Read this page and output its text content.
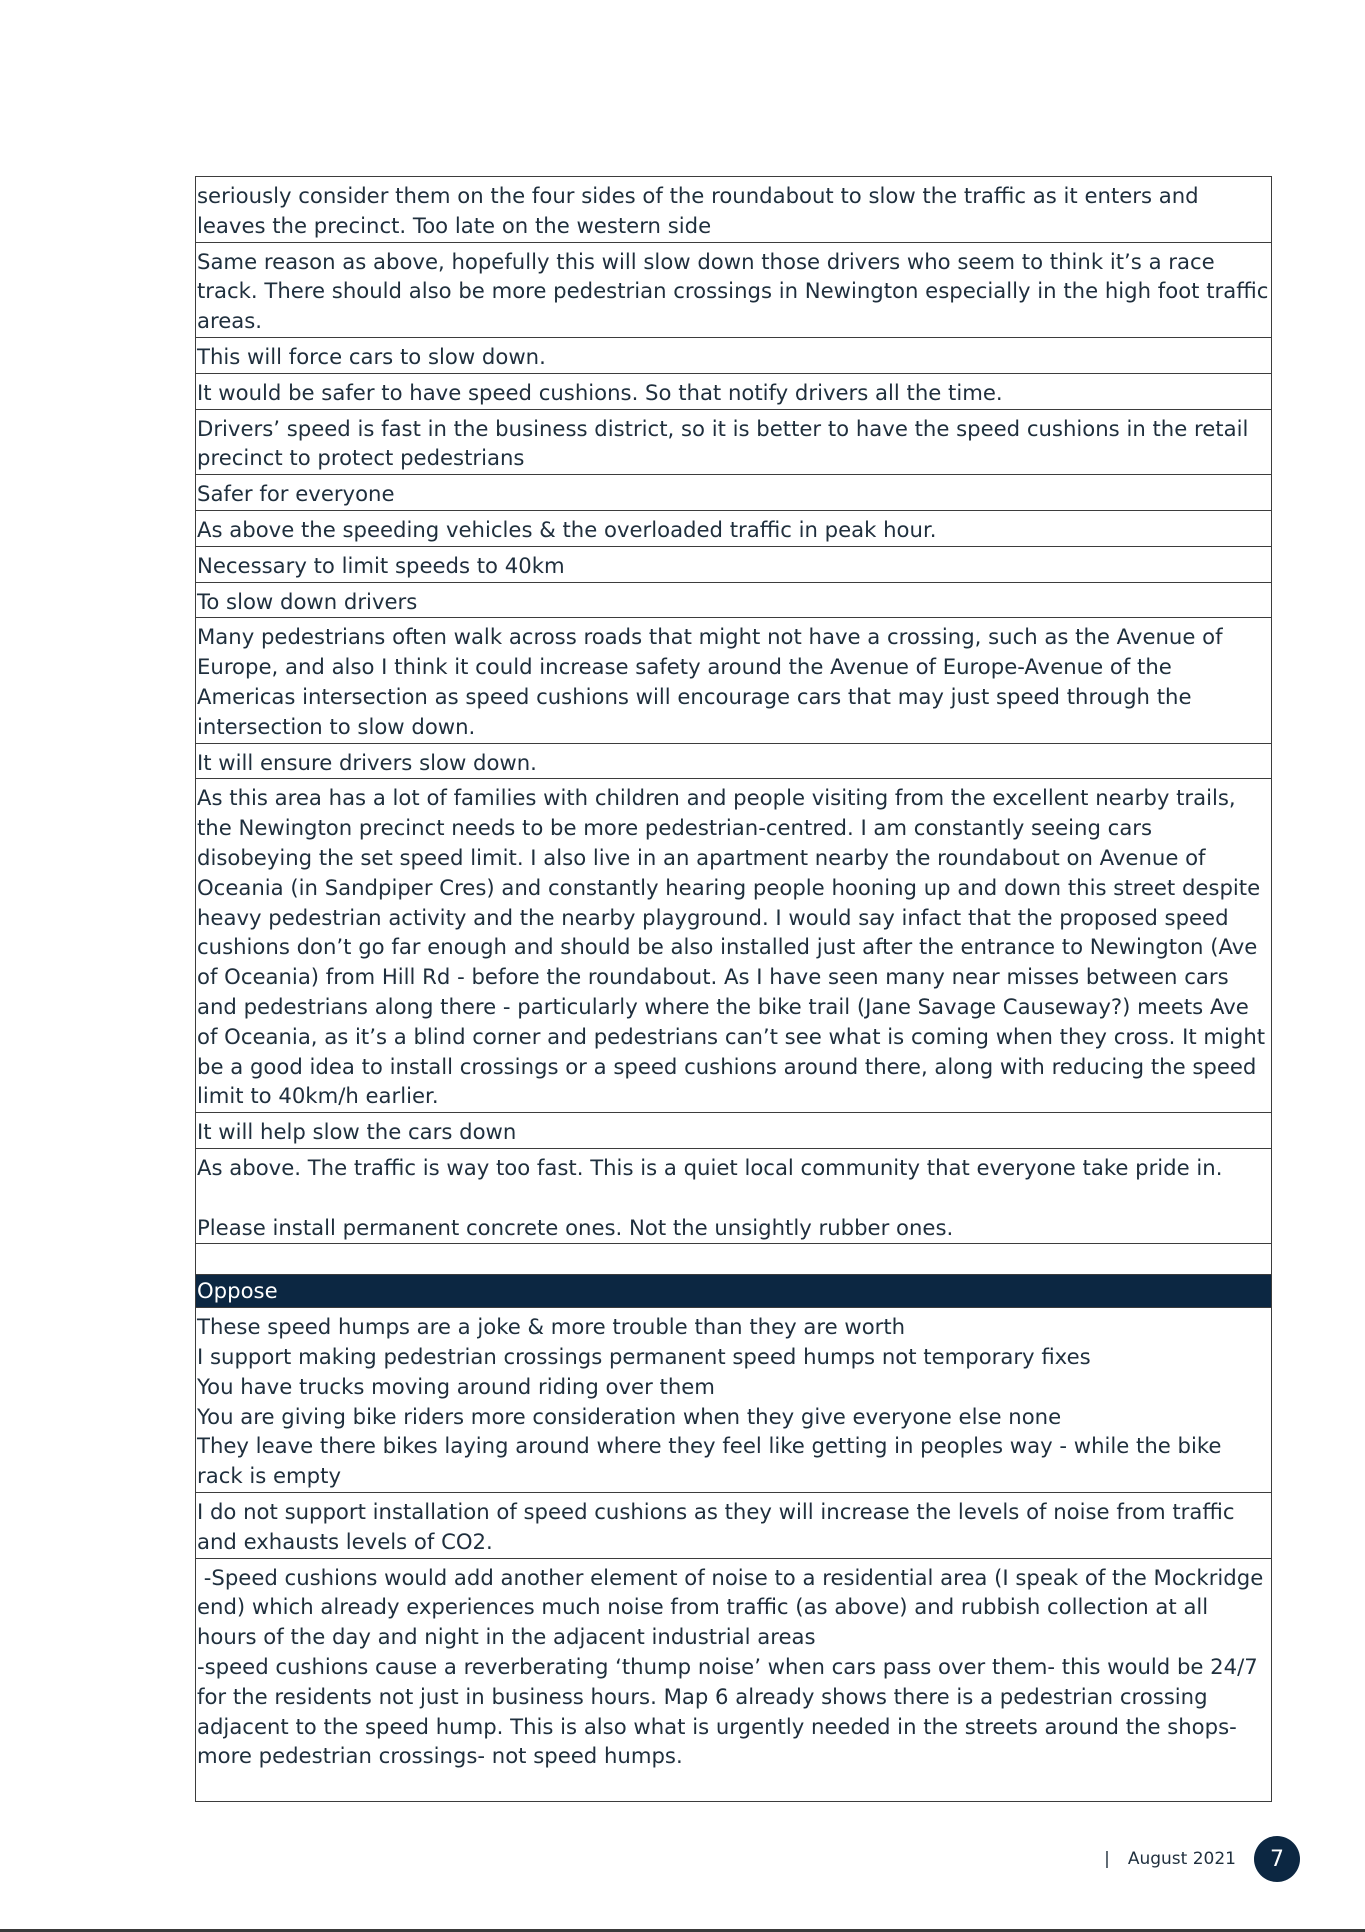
seriously consider them on the four sides of the roundabout to slow the traffic as it enters and leaves the precinct. Too late on the western side
Same reason as above, hopefully this will slow down those drivers who seem to think it’s a race track. There should also be more pedestrian crossings in Newington especially in the high foot traffic areas.
This will force cars to slow down.
It would be safer to have speed cushions. So that notify drivers all the time.
Drivers’ speed is fast in the business district, so it is better to have the speed cushions in the retail precinct to protect pedestrians
Safer for everyone
As above the speeding vehicles & the overloaded traffic in peak hour.
Necessary to limit speeds to 40km
To slow down drivers
Many pedestrians often walk across roads that might not have a crossing, such as the Avenue of Europe, and also I think it could increase safety around the Avenue of Europe-Avenue of the Americas intersection as speed cushions will encourage cars that may just speed through the intersection to slow down.
It will ensure drivers slow down.
As this area has a lot of families with children and people visiting from the excellent nearby trails, the Newington precinct needs to be more pedestrian-centred. I am constantly seeing cars disobeying the set speed limit. I also live in an apartment nearby the roundabout on Avenue of Oceania (in Sandpiper Cres) and constantly hearing people hooning up and down this street despite heavy pedestrian activity and the nearby playground. I would say infact that the proposed speed cushions don’t go far enough and should be also installed just after the entrance to Newington (Ave of Oceania) from Hill Rd - before the roundabout. As I have seen many near misses between cars and pedestrians along there - particularly where the bike trail (Jane Savage Causeway?) meets Ave of Oceania, as it’s a blind corner and pedestrians can’t see what is coming when they cross. It might be a good idea to install crossings or a speed cushions around there, along with reducing the speed limit to 40km/h earlier.
It will help slow the cars down
As above. The traffic is way too fast. This is a quiet local community that everyone take pride in.

Please install permanent concrete ones. Not the unsightly rubber ones.

Oppose
These speed humps are a joke & more trouble than they are worth
I support making pedestrian crossings permanent speed humps not temporary fixes
You have trucks moving around riding over them
You are giving bike riders more consideration when they give everyone else none
They leave there bikes laying around where they feel like getting in peoples way - while the bike rack is empty
I do not support installation of speed cushions as they will increase the levels of noise from traffic and exhausts levels of CO2.
-Speed cushions would add another element of noise to a residential area (I speak of the Mockridge end) which already experiences much noise from traffic (as above) and rubbish collection at all hours of the day and night in the adjacent industrial areas
-speed cushions cause a reverberating ‘thump noise’ when cars pass over them- this would be 24/7 for the residents not just in business hours. Map 6 already shows there is a pedestrian crossing adjacent to the speed hump. This is also what is urgently needed in the streets around the shops- more pedestrian crossings- not speed humps.
| August 2021	7
